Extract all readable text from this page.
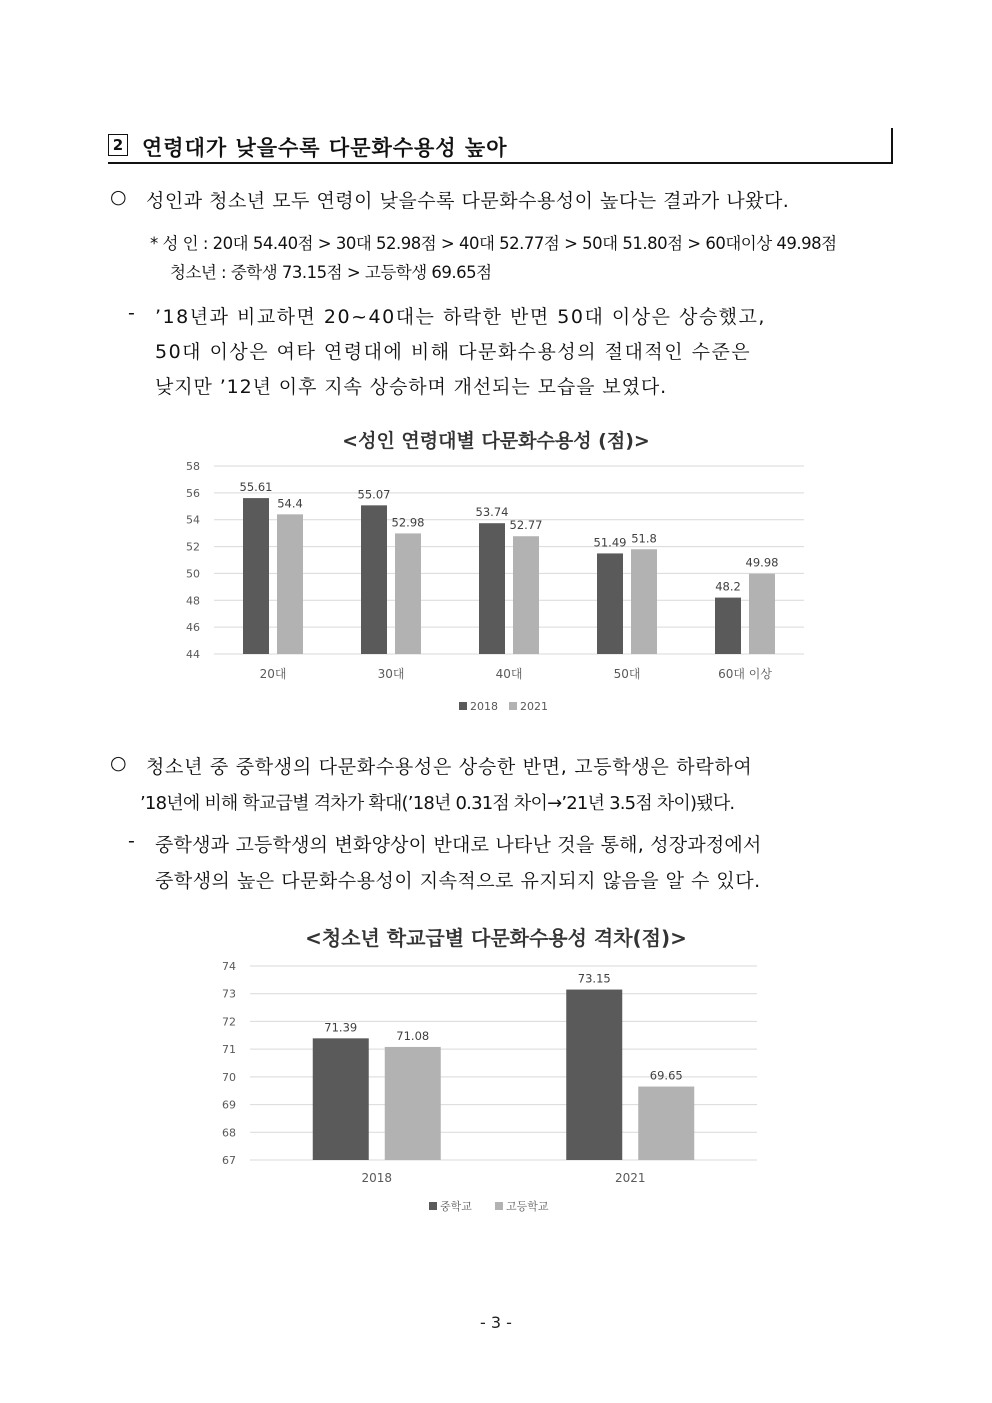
2 연령대가 낮을수록 다문화수용성 높아
○ 성인과 청소년 모두 연령이 낮을수록 다문화수용성이 높다는 결과가 나왔다.
* 성 인 : 20대 54.40점 > 30대 52.98점 > 40대 52.77점 > 50대 51.80점 > 60대이상 49.98점
청소년 : 중학생 73.15점 > 고등학생 69.65점
- ’18년과 비교하면 20~40대는 하락한 반면 50대 이상은 상승했고,
50대 이상은 여타 연령대에 비해 다문화수용성의 절대적인 수준은
낮지만 ’12년 이후 지속 상승하며 개선되는 모습을 보였다.
<성인 연령대별 다문화수용성 (점)>
44
46
48
50
52
54
56
58
55.61
54.4
55.07
52.98
53.74
52.77
51.49 51.8
48.2
49.98
20대	30대	40대	50대	60대 이상
2018 2021
○ 청소년 중 중학생의 다문화수용성은 상승한 반면, 고등학생은 하락하여
’18년에 비해 학교급별 격차가 확대(’18년 0.31점 차이→’21년 3.5점 차이)됐다.
- 중학생과 고등학생의 변화양상이 반대로 나타난 것을 통해, 성장과정에서
중학생의 높은 다문화수용성이 지속적으로 유지되지 않음을 알 수 있다.
<청소년 학교급별 다문화수용성 격차(점)>
67
68
69
70
71
72
73
74
71.39
71.08
73.15
69.65
2018	2021
중학교	고등학교
- 3 -
